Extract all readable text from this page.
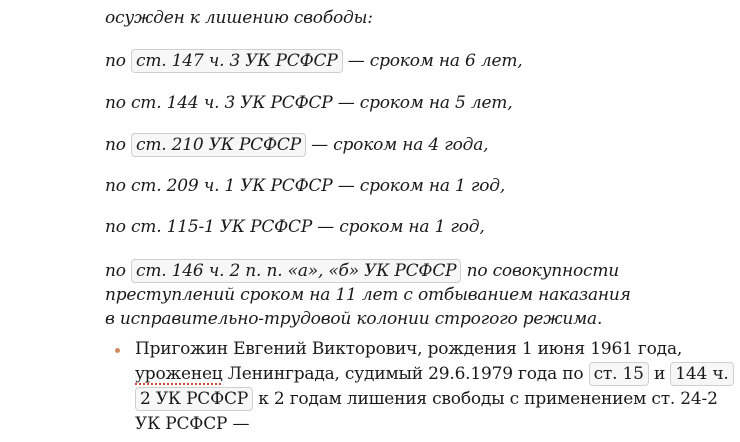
осужден к лишению свободы:
по ст. 147 ч. 3 УК РСФСР — сроком на 6 лет,
по ст. 144 ч. 3 УК РСФСР — сроком на 5 лет,
по ст. 210 УК РСФСР — сроком на 4 года,
по ст. 209 ч. 1 УК РСФСР — сроком на 1 год,
по ст. 115-1 УК РСФСР — сроком на 1 год,
по ст. 146 ч. 2 п. п. «а», «б» УК РСФСР по совокупности
преступлений сроком на 11 лет с отбыванием наказания
в исправительно-трудовой колонии строгого режима.
Пригожин Евгений Викторович, рождения 1 июня 1961 года,
уроженец Ленинграда, судимый 29.6.1979 года по ст. 15 и 144 ч.
2 УК РСФСР к 2 годам лишения свободы с применением ст. 24-2
УК РСФСР —
